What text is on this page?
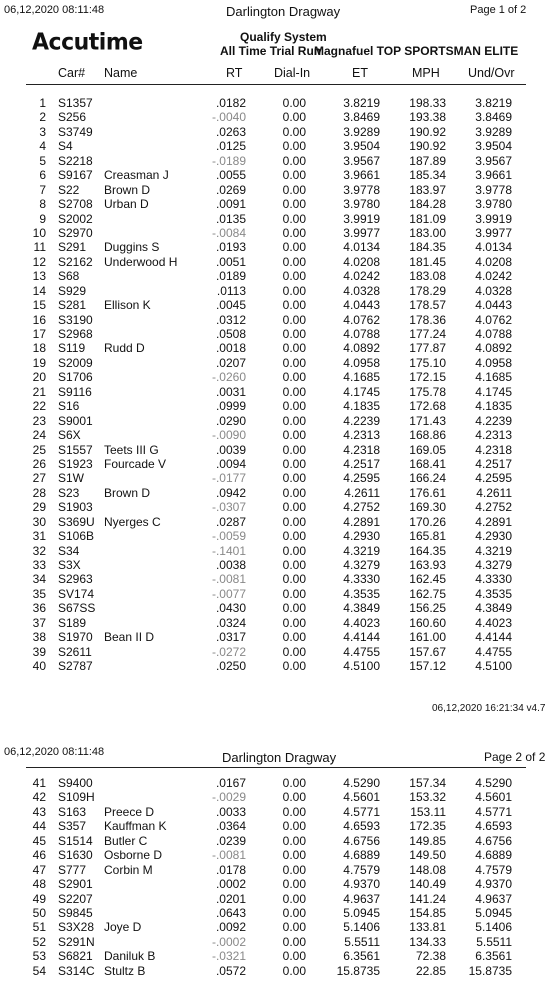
06,12,2020 08:11:48	Darlington Dragway	Page 1 of 2
Accutime	Qualify System
All Time Trial Run
Magnafuel TOP SPORTSMAN ELITE
Car# Name	RT	Dial-In	ET	MPH Und/Ovr
1 S1357	.0182	0.00	3.8219	198.33	3.8219
2 S256	-.0040	0.00	3.8469	193.38	3.8469
3 S3749	.0263	0.00	3.9289	190.92	3.9289
4 S4	.0125	0.00	3.9504	190.92	3.9504
5 S2218	-.0189	0.00	3.9567	187.89	3.9567
6 S9167 Creasman J	.0055	0.00	3.9661	185.34	3.9661
7 S22 Brown D	.0269	0.00	3.9778	183.97	3.9778
8 S2708 Urban D	.0091	0.00	3.9780	184.28	3.9780
9 S2002	.0135	0.00	3.9919	181.09	3.9919
10 S2970	-.0084	0.00	3.9977	183.00	3.9977
11 S291 Duggins S	.0193	0.00	4.0134	184.35	4.0134
12 S2162 Underwood H	.0051	0.00	4.0208	181.45	4.0208
13 S68	.0189	0.00	4.0242	183.08	4.0242
14 S929	.0113	0.00	4.0328	178.29	4.0328
15 S281 Ellison K	.0045	0.00	4.0443	178.57	4.0443
16 S3190	.0312	0.00	4.0762	178.36	4.0762
17 S2968	.0508	0.00	4.0788	177.24	4.0788
18 S119 Rudd D	.0018	0.00	4.0892	177.87	4.0892
19 S2009	.0207	0.00	4.0958	175.10	4.0958
20 S1706	-.0260	0.00	4.1685	172.15	4.1685
21 S9116	.0031	0.00	4.1745	175.78	4.1745
22 S16	.0999	0.00	4.1835	172.68	4.1835
23 S9001	.0290	0.00	4.2239	171.43	4.2239
24 S6X	-.0090	0.00	4.2313	168.86	4.2313
25 S1557 Teets III G	.0039	0.00	4.2318	169.05	4.2318
26 S1923 Fourcade V	.0094	0.00	4.2517	168.41	4.2517
27 S1W	-.0177	0.00	4.2595	166.24	4.2595
28 S23 Brown D	.0942	0.00	4.2611	176.61	4.2611
29 S1903	-.0307	0.00	4.2752	169.30	4.2752
30 S369U Nyerges C	.0287	0.00	4.2891	170.26	4.2891
31 S106B	-.0059	0.00	4.2930	165.81	4.2930
32 S34	-.1401	0.00	4.3219	164.35	4.3219
33 S3X	.0038	0.00	4.3279	163.93	4.3279
34 S2963	-.0081	0.00	4.3330	162.45	4.3330
35 SV174	-.0077	0.00	4.3535	162.75	4.3535
36 S67SS	.0430	0.00	4.3849	156.25	4.3849
37 S189	.0324	0.00	4.4023	160.60	4.4023
38 S1970 Bean II D	.0317	0.00	4.4144	161.00	4.4144
39 S2611	-.0272	0.00	4.4755	157.67	4.4755
40 S2787	.0250	0.00	4.5100	157.12	4.5100
06,12,2020 16:21:34 v4.7
06,12,2020 08:11:48	Darlington Dragway	Page 2 of 2
41 S9400	.0167	0.00	4.5290	157.34	4.5290
42 S109H	-.0029	0.00	4.5601	153.32	4.5601
43 S163 Preece D	.0033	0.00	4.5771	153.11	4.5771
44 S357 Kauffman K	.0364	0.00	4.6593	172.35	4.6593
45 S1514 Butler C	.0239	0.00	4.6756	149.85	4.6756
46 S1630 Osborne D	-.0081	0.00	4.6889	149.50	4.6889
47 S777 Corbin M	.0178	0.00	4.7579	148.08	4.7579
48 S2901	.0002	0.00	4.9370	140.49	4.9370
49 S2207	.0201	0.00	4.9637	141.24	4.9637
50 S9845	.0643	0.00	5.0945	154.85	5.0945
51 S3X28 Joye D	.0092	0.00	5.1406	133.81	5.1406
52 S291N	-.0002	0.00	5.5511	134.33	5.5511
53 S6821 Daniluk B	-.0321	0.00	6.3561	72.38	6.3561
54 S314C Stultz B	.0572	0.00	15.8735	22.85	15.8735
